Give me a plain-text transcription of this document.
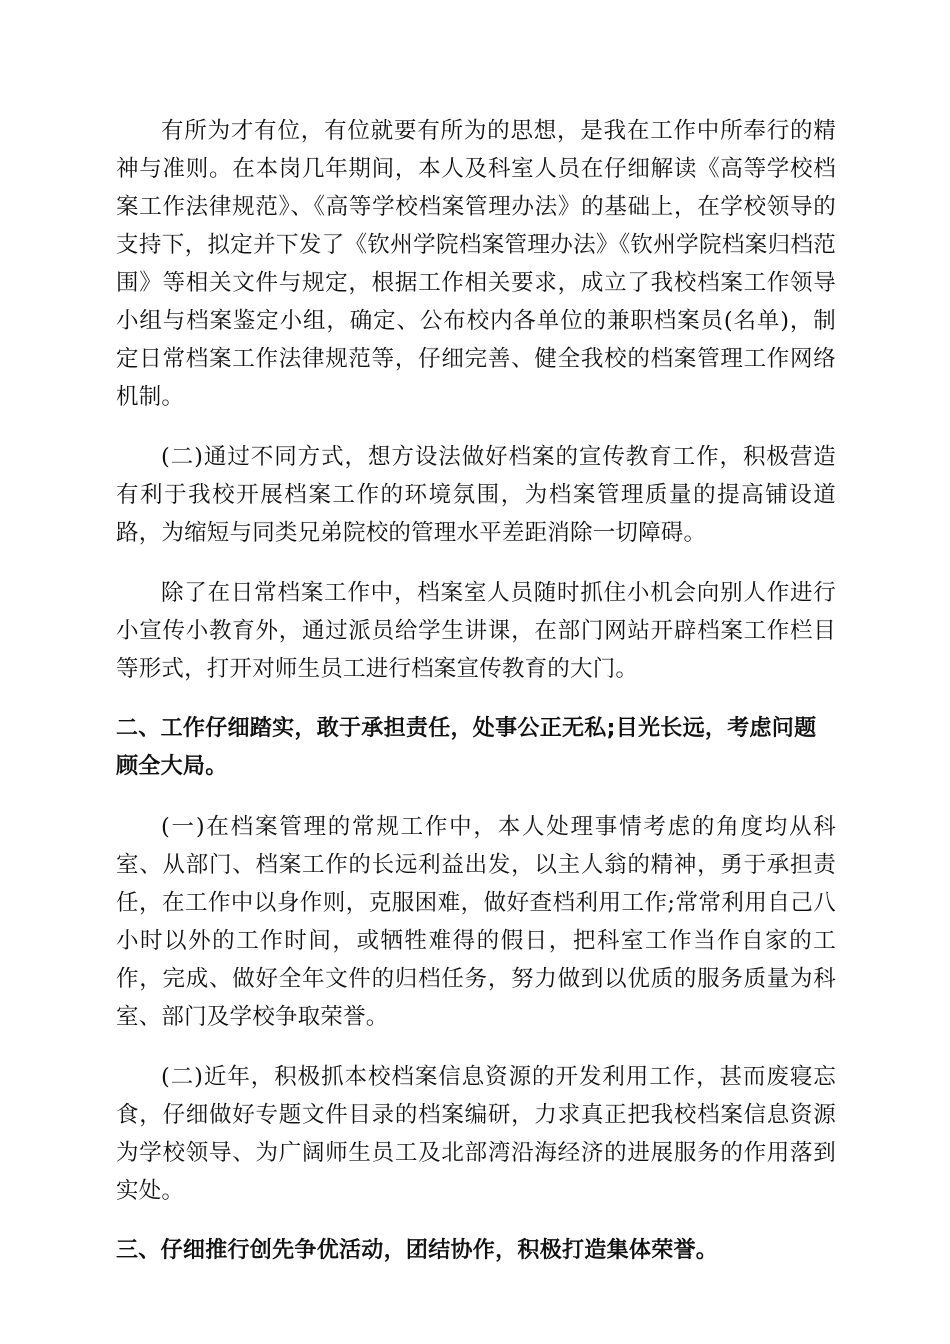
有所为才有位，有位就要有所为的思想，是我在工作中所奉行的精神与准则。在本岗几年期间，本人及科室人员在仔细解读《高等学校档案工作法律规范》、《高等学校档案管理办法》的基础上，在学校领导的支持下，拟定并下发了《钦州学院档案管理办法》《钦州学院档案归档范围》等相关文件与规定，根据工作相关要求，成立了我校档案工作领导小组与档案鉴定小组，确定、公布校内各单位的兼职档案员(名单)，制定日常档案工作法律规范等，仔细完善、健全我校的档案管理工作网络机制。

(二)通过不同方式，想方设法做好档案的宣传教育工作，积极营造有利于我校开展档案工作的环境氛围，为档案管理质量的提高铺设道路，为缩短与同类兄弟院校的管理水平差距消除一切障碍。

除了在日常档案工作中，档案室人员随时抓住小机会向别人作进行小宣传小教育外，通过派员给学生讲课，在部门网站开辟档案工作栏目等形式，打开对师生员工进行档案宣传教育的大门。

二、工作仔细踏实，敢于承担责任，处事公正无私;目光长远，考虑问题顾全大局。

(一)在档案管理的常规工作中，本人处理事情考虑的角度均从科室、从部门、档案工作的长远利益出发，以主人翁的精神，勇于承担责任，在工作中以身作则，克服困难，做好查档利用工作;常常利用自己八小时以外的工作时间，或牺牲难得的假日，把科室工作当作自家的工作，完成、做好全年文件的归档任务，努力做到以优质的服务质量为科室、部门及学校争取荣誉。

(二)近年，积极抓本校档案信息资源的开发利用工作，甚而废寝忘食，仔细做好专题文件目录的档案编研，力求真正把我校档案信息资源为学校领导、为广阔师生员工及北部湾沿海经济的进展服务的作用落到实处。

三、仔细推行创先争优活动，团结协作，积极打造集体荣誉。
